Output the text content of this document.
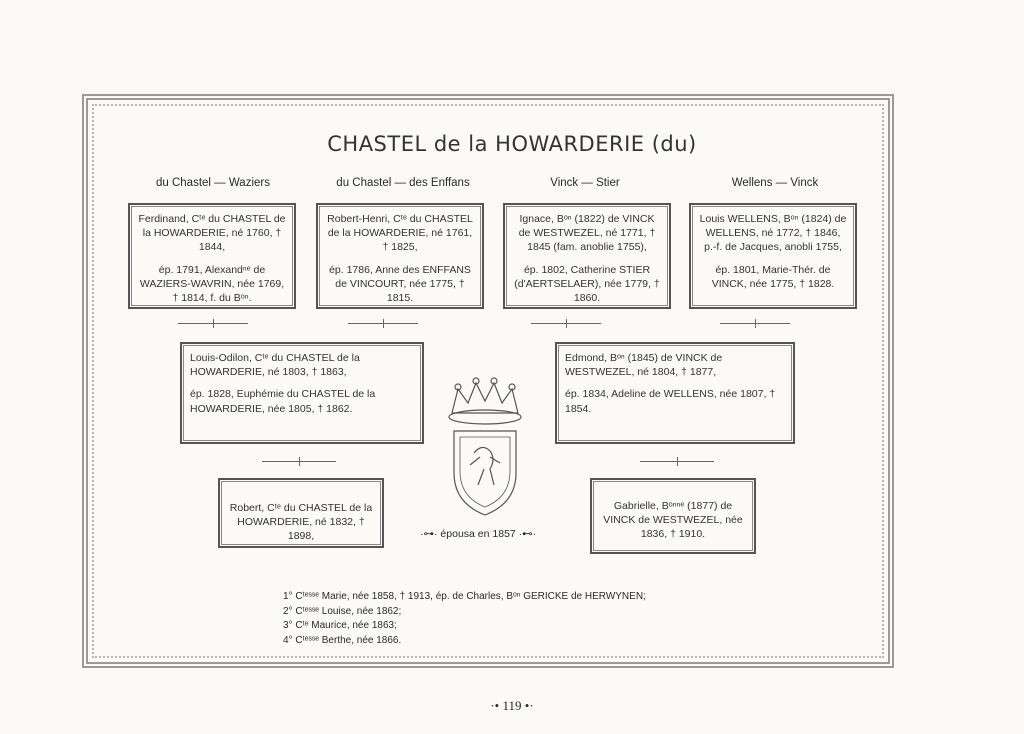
CHASTEL de la HOWARDERIE (du)
du Chastel — Waziers	du Chastel — des Enffans	Vinck — Stier	Wellens — Vinck

Ferdinand, Cᵗᵉ du CHASTEL de la HOWARDERIE, né 1760, † 1844,

ép. 1791, Alexandⁿᵉ de WAZIERS-WAVRIN, née 1769, † 1814, f. du Bᵒⁿ.

Robert-Henri, Cᵗᵉ du CHASTEL de la HOWARDERIE, né 1761, † 1825,

ép. 1786, Anne des ENFFANS de VINCOURT, née 1775, † 1815.

Ignace, Bᵒⁿ (1822) de VINCK de WESTWEZEL, né 1771, † 1845 (fam. anoblie 1755),

ép. 1802, Catherine STIER (d'AERTSELAER), née 1779, † 1860.

Louis WELLENS, Bᵒⁿ (1824) de WELLENS, né 1772, † 1846, p.-f. de Jacques, anobli 1755,

ép. 1801, Marie-Thér. de VINCK, née 1775, † 1828.

Louis-Odilon, Cᵗᵉ du CHASTEL de la HOWARDERIE, né 1803, † 1863,

ép. 1828, Euphémie du CHASTEL de la HOWARDERIE, née 1805, † 1862.

Edmond, Bᵒⁿ (1845) de VINCK de WESTWEZEL, né 1804, † 1877,

ép. 1834, Adeline de WELLENS, née 1807, † 1854.

Robert, Cᵗᵉ du CHASTEL de la HOWARDERIE, né 1832, † 1898,

Gabrielle, Bᵒⁿⁿᵉ (1877) de VINCK de WESTWEZEL, née 1836, † 1910.

·⊶· épousa en 1857 ·⊷·
1° Cᵗᵉˢˢᵉ Marie, née 1858, † 1913, ép. de Charles, Bᵒⁿ GERICKE de HERWYNEN;
2° Cᵗᵉˢˢᵉ Louise, née 1862;
3° Cᵗᵉ Maurice, née 1863;
4° Cᵗᵉˢˢᵉ Berthe, née 1866.
·• 119 •·
